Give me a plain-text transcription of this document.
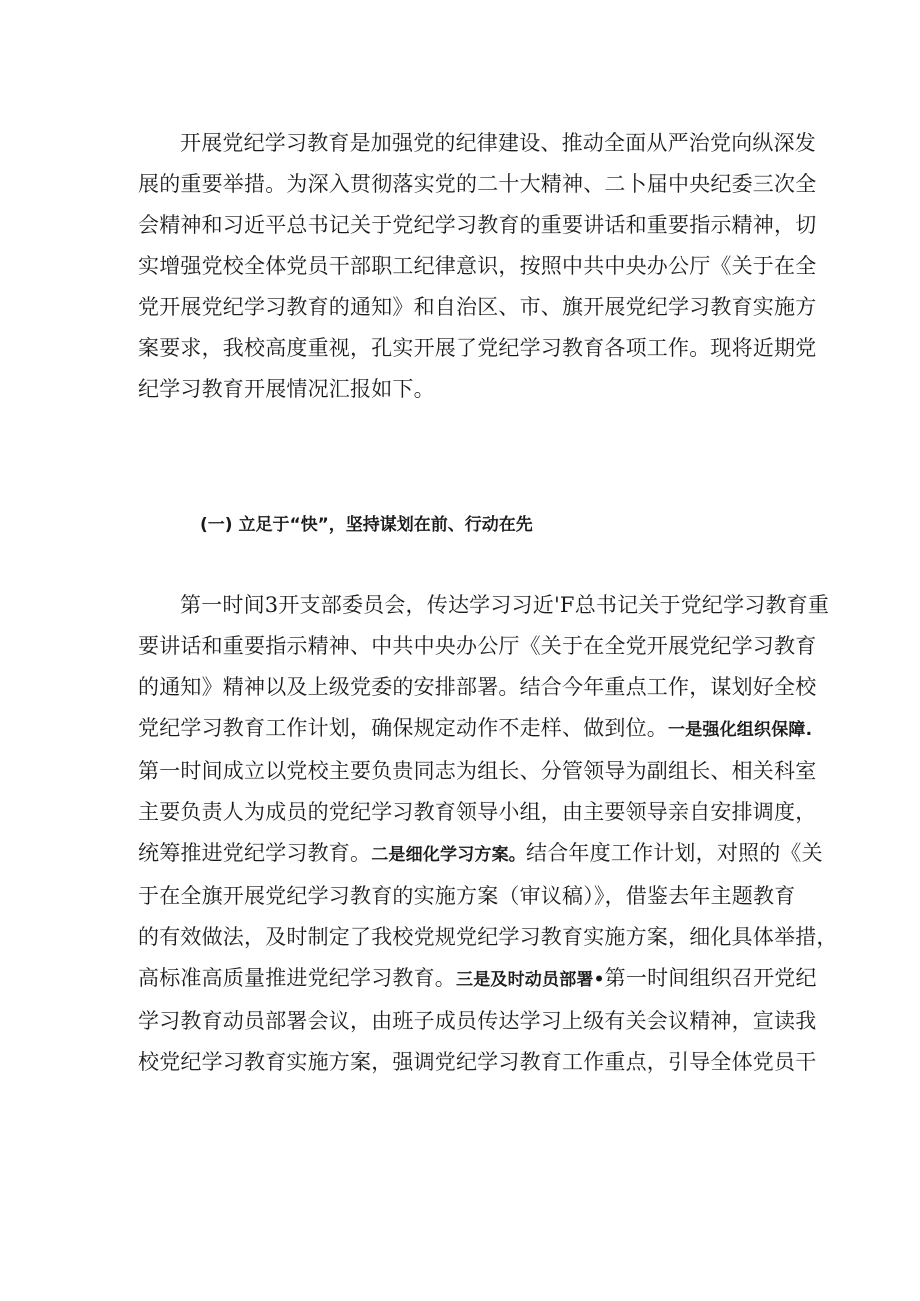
开展党纪学习教育是加强党的纪律建设、推动全面从严治党向纵深发
展的重要举措。为深入贯彻落实党的二十大精神、二卜届中央纪委三次全
会精神和习近平总书记关于党纪学习教育的重要讲话和重要指示精神，切
实增强党校全体党员干部职工纪律意识，按照中共中央办公厅《关于在全
党开展党纪学习教育的通知》和自治区、市、旗开展党纪学习教育实施方
案要求，我校高度重视，孔实开展了党纪学习教育各项工作。现将近期党
纪学习教育开展情况汇报如下。
(一) 立足于“快”，坚持谋划在前、行动在先
第一时间3开支部委员会，传达学习习近'F总书记关于党纪学习教育重
要讲话和重要指示精神、中共中央办公厅《关于在全党开展党纪学习教育
的通知》精神以及上级党委的安排部署。结合今年重点工作，谋划好全校
党纪学习教育工作计划，确保规定动作不走样、做到位。一是强化组织保障.
第一时间成立以党校主要负贵同志为组长、分管领导为副组长、相关科室
主要负责人为成员的党纪学习教育领导小组，由主要领导亲自安排调度，
统筹推进党纪学习教育。二是细化学习方案。结合年度工作计划，对照的《关
于在全旗开展党纪学习教育的实施方案（审议稿）》，借鉴去年主题教育
的有效做法，及时制定了我校党规党纪学习教育实施方案，细化具体举措，
高标准高质量推进党纪学习教育。三是及时动员部署•第一时间组织召开党纪
学习教育动员部署会议，由班子成员传达学习上级有关会议精神，宣读我
校党纪学习教育实施方案，强调党纪学习教育工作重点，引导全体党员干
